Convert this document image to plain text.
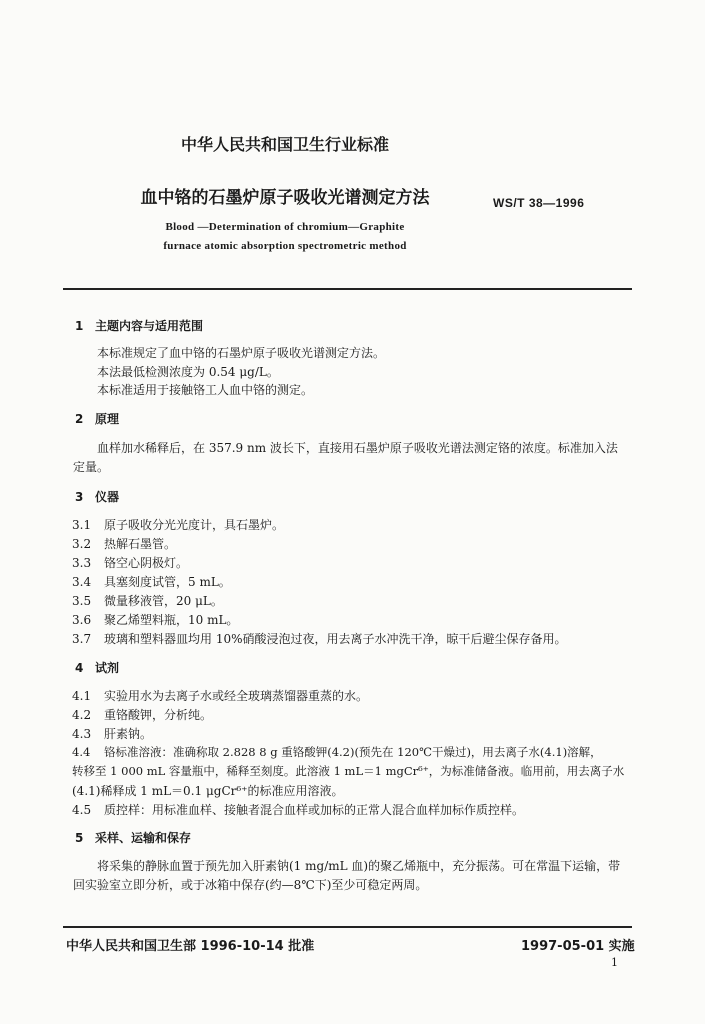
中华人民共和国卫生行业标准
血中铬的石墨炉原子吸收光谱测定方法	WS/T 38—1996
Blood —Determination of chromium—Graphite
furnace atomic absorption spectrometric method
1 主题内容与适用范围
本标准规定了血中铬的石墨炉原子吸收光谱测定方法。
本法最低检测浓度为 0.54 μg/L。
本标准适用于接触铬工人血中铬的测定。
2 原理
血样加水稀释后，在 357.9 nm 波长下，直接用石墨炉原子吸收光谱法测定铬的浓度。标准加入法
定量。
3 仪器
3.1 原子吸收分光光度计，具石墨炉。
3.2 热解石墨管。
3.3 铬空心阴极灯。
3.4 具塞刻度试管，5 mL。
3.5 微量移液管，20 μL。
3.6 聚乙烯塑料瓶，10 mL。
3.7 玻璃和塑料器皿均用 10%硝酸浸泡过夜，用去离子水冲洗干净，晾干后避尘保存备用。
4 试剂
4.1 实验用水为去离子水或经全玻璃蒸馏器重蒸的水。
4.2 重铬酸钾，分析纯。
4.3 肝素钠。
4.4 铬标准溶液：准确称取 2.828 8 g 重铬酸钾(4.2)(预先在 120℃干燥过)，用去离子水(4.1)溶解，
转移至 1 000 mL 容量瓶中，稀释至刻度。此溶液 1 mL＝1 mgCr⁶⁺，为标准储备液。临用前，用去离子水
(4.1)稀释成 1 mL＝0.1 μgCr⁶⁺的标准应用溶液。
4.5 质控样：用标准血样、接触者混合血样或加标的正常人混合血样加标作质控样。
5 采样、运输和保存
将采集的静脉血置于预先加入肝素钠(1 mg/mL 血)的聚乙烯瓶中，充分振荡。可在常温下运输，带
回实验室立即分析，或于冰箱中保存(约—8℃下)至少可稳定两周。
中华人民共和国卫生部 1996-10-14 批准	1997-05-01 实施
1
